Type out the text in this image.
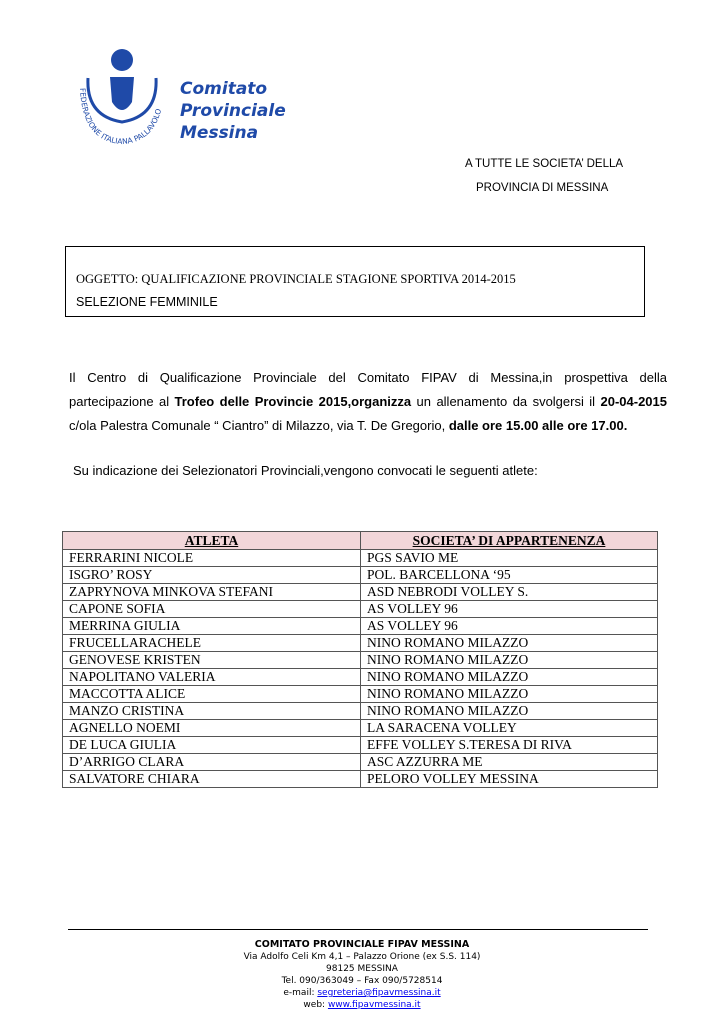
FEDERAZIONE ITALIANA PALLAVOLO
Comitato
Provinciale
Messina
A TUTTE LE SOCIETA’ DELLA
PROVINCIA DI MESSINA
OGGETTO: QUALIFICAZIONE PROVINCIALE STAGIONE SPORTIVA 2014-2015
SELEZIONE FEMMINILE
Il Centro di Qualificazione Provinciale del Comitato FIPAV di Messina,in prospettiva della
partecipazione al Trofeo delle Provincie 2015,organizza un allenamento da svolgersi il 20-04-2015
c/ola Palestra Comunale “ Ciantro” di Milazzo, via T. De Gregorio, dalle ore 15.00 alle ore 17.00.
Su indicazione dei Selezionatori Provinciali,vengono convocati le seguenti atlete:
ATLETA	SOCIETA’ DI APPARTENENZA
FERRARINI NICOLE	PGS SAVIO ME
ISGRO’ ROSY	POL. BARCELLONA ‘95
ZAPRYNOVA MINKOVA STEFANI	ASD NEBRODI VOLLEY S.
CAPONE SOFIA	AS VOLLEY 96
MERRINA GIULIA	AS VOLLEY 96
FRUCELLARACHELE	NINO ROMANO MILAZZO
GENOVESE KRISTEN	NINO ROMANO MILAZZO
NAPOLITANO VALERIA	NINO ROMANO MILAZZO
MACCOTTA ALICE	NINO ROMANO MILAZZO
MANZO CRISTINA	NINO ROMANO MILAZZO
AGNELLO NOEMI	LA SARACENA VOLLEY
DE LUCA GIULIA	EFFE VOLLEY S.TERESA DI RIVA
D’ARRIGO CLARA	ASC AZZURRA ME
SALVATORE CHIARA	PELORO VOLLEY MESSINA
COMITATO PROVINCIALE FIPAV MESSINA
Via Adolfo Celi Km 4,1 – Palazzo Orione (ex S.S. 114)
98125 MESSINA
Tel. 090/363049 – Fax 090/5728514
e-mail: segreteria@fipavmessina.it
web: www.fipavmessina.it
